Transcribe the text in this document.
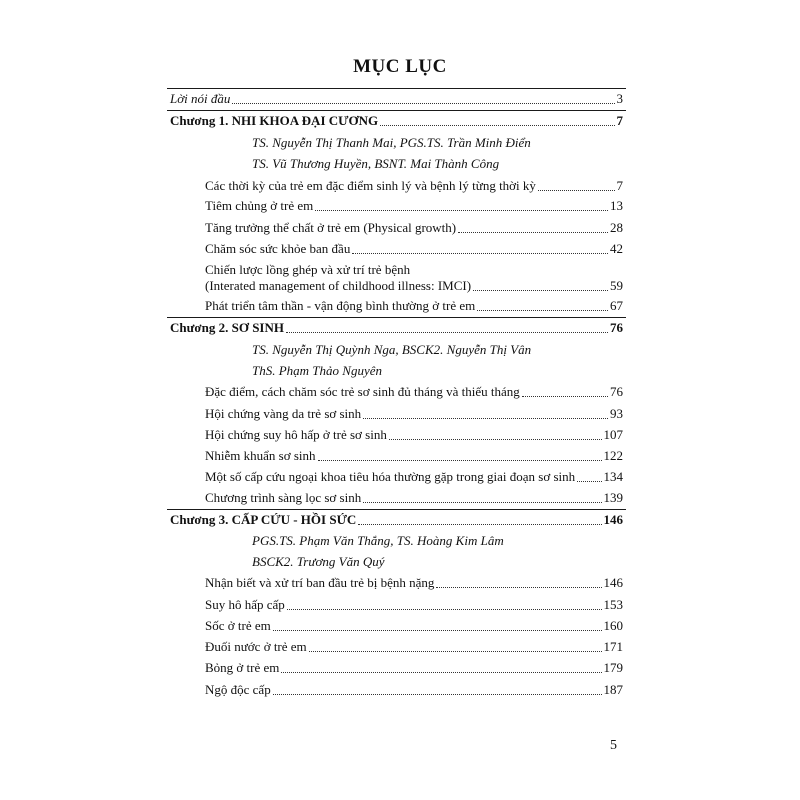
MỤC LỤC
Lời nói đầu	3
Chương 1. NHI KHOA ĐẠI CƯƠNG	7
TS. Nguyễn Thị Thanh Mai, PGS.TS. Trần Minh Điển
TS. Vũ Thương Huyền, BSNT. Mai Thành Công
Các thời kỳ của trẻ em đặc điểm sinh lý và bệnh lý từng thời kỳ	7
Tiêm chủng ở trẻ em	13
Tăng trưởng thể chất ở trẻ em (Physical growth)	28
Chăm sóc sức khỏe ban đầu	42
Chiến lược lồng ghép và xử trí trẻ bệnh
(Interated management of childhood illness: IMCI)	59
Phát triển tâm thần - vận động bình thường ở trẻ em	67
Chương 2. SƠ SINH	76
TS. Nguyễn Thị Quỳnh Nga, BSCK2. Nguyễn Thị Vân
ThS. Phạm Thảo Nguyên
Đặc điểm, cách chăm sóc trẻ sơ sinh đủ tháng và thiếu tháng	76
Hội chứng vàng da trẻ sơ sinh	93
Hội chứng suy hô hấp ở trẻ sơ sinh	107
Nhiễm khuẩn sơ sinh	122
Một số cấp cứu ngoại khoa tiêu hóa thường gặp trong giai đoạn sơ sinh 134
Chương trình sàng lọc sơ sinh	139
Chương 3. CẤP CỨU - HỒI SỨC	146
PGS.TS. Phạm Văn Thắng, TS. Hoàng Kim Lâm
BSCK2. Trương Văn Quý
Nhận biết và xử trí ban đầu trẻ bị bệnh nặng	146
Suy hô hấp cấp	153
Sốc ở trẻ em	160
Đuối nước ở trẻ em	171
Bỏng ở trẻ em	179
Ngộ độc cấp	187
5
